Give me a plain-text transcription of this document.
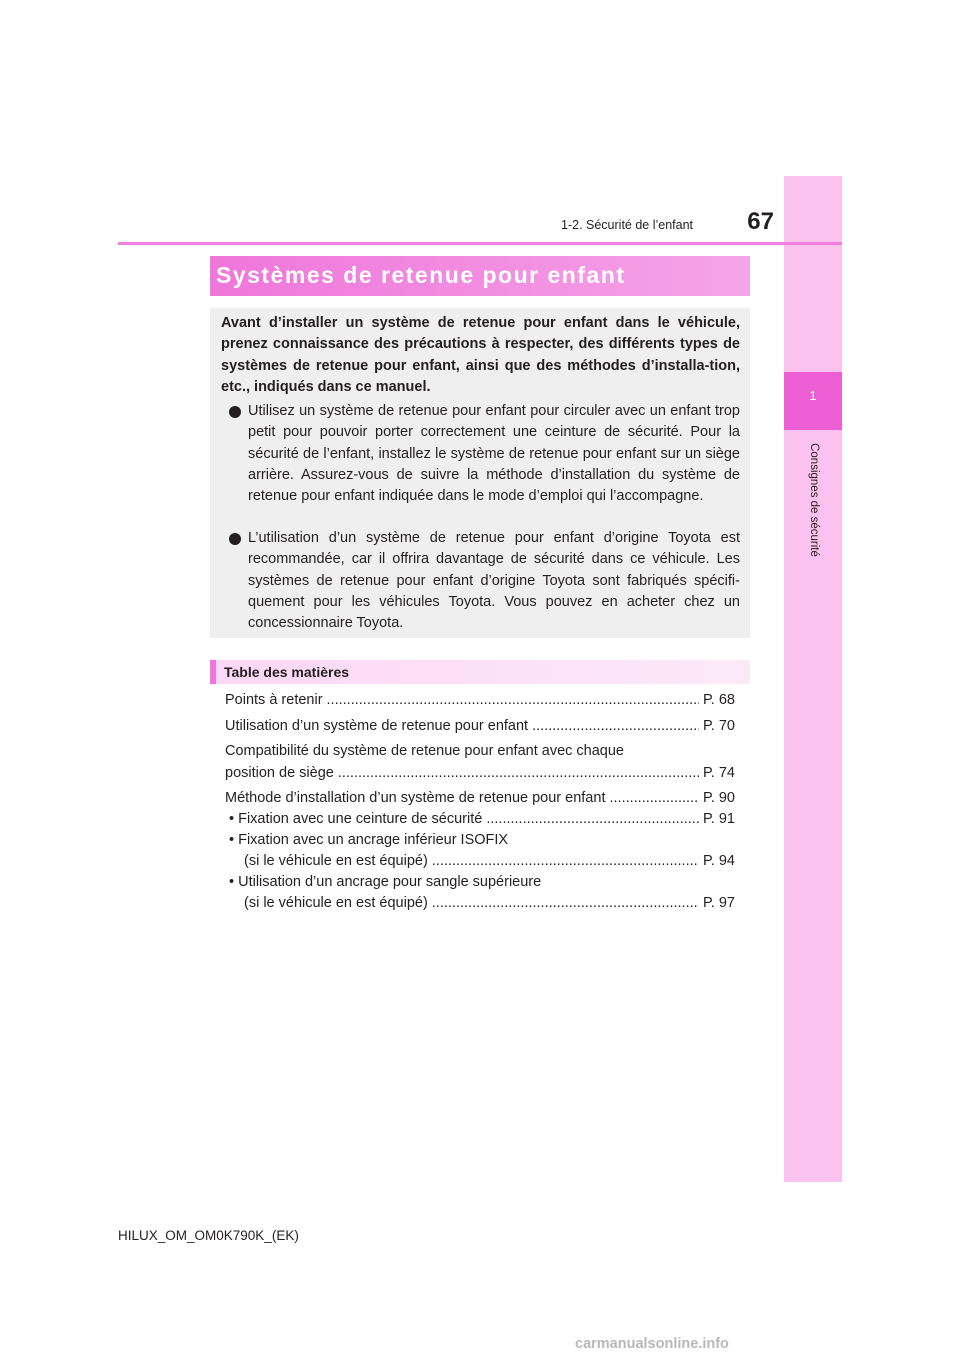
1
Consignes de sécurité
1-2. Sécurité de l’enfant	67
Systèmes de retenue pour enfant

Avant d’installer un système de retenue pour enfant dans le véhicule, prenez connaissance des précautions à respecter, des différents types de systèmes de retenue pour enfant, ainsi que des méthodes d’installa-tion, etc., indiqués dans ce manuel.

Utilisez un système de retenue pour enfant pour circuler avec un enfant trop petit pour pouvoir porter correctement une ceinture de sécurité. Pour la sécurité de l’enfant, installez le système de retenue pour enfant sur un siège arrière. Assurez-vous de suivre la méthode d’installation du système de retenue pour enfant indiquée dans le mode d’emploi qui l’accompagne.

L’utilisation d’un système de retenue pour enfant d’origine Toyota est recommandée, car il offrira davantage de sécurité dans ce véhicule. Les systèmes de retenue pour enfant d’origine Toyota sont fabriqués spécifi-quement pour les véhicules Toyota. Vous pouvez en acheter chez un concessionnaire Toyota.

Table des matières
Points à retenir .....	P. 68
Utilisation d’un système de retenue pour enfant .....	P. 70
Compatibilité du système de retenue pour enfant avec chaque
position de siège .....	P. 74
Méthode d’installation d’un système de retenue pour enfant .....	P. 90
• Fixation avec une ceinture de sécurité .....	P. 91
• Fixation avec un ancrage inférieur ISOFIX
(si le véhicule en est équipé) .....	P. 94
• Utilisation d’un ancrage pour sangle supérieure
(si le véhicule en est équipé) .....	P. 97
HILUX_OM_OM0K790K_(EK)
carmanualsonline.info
